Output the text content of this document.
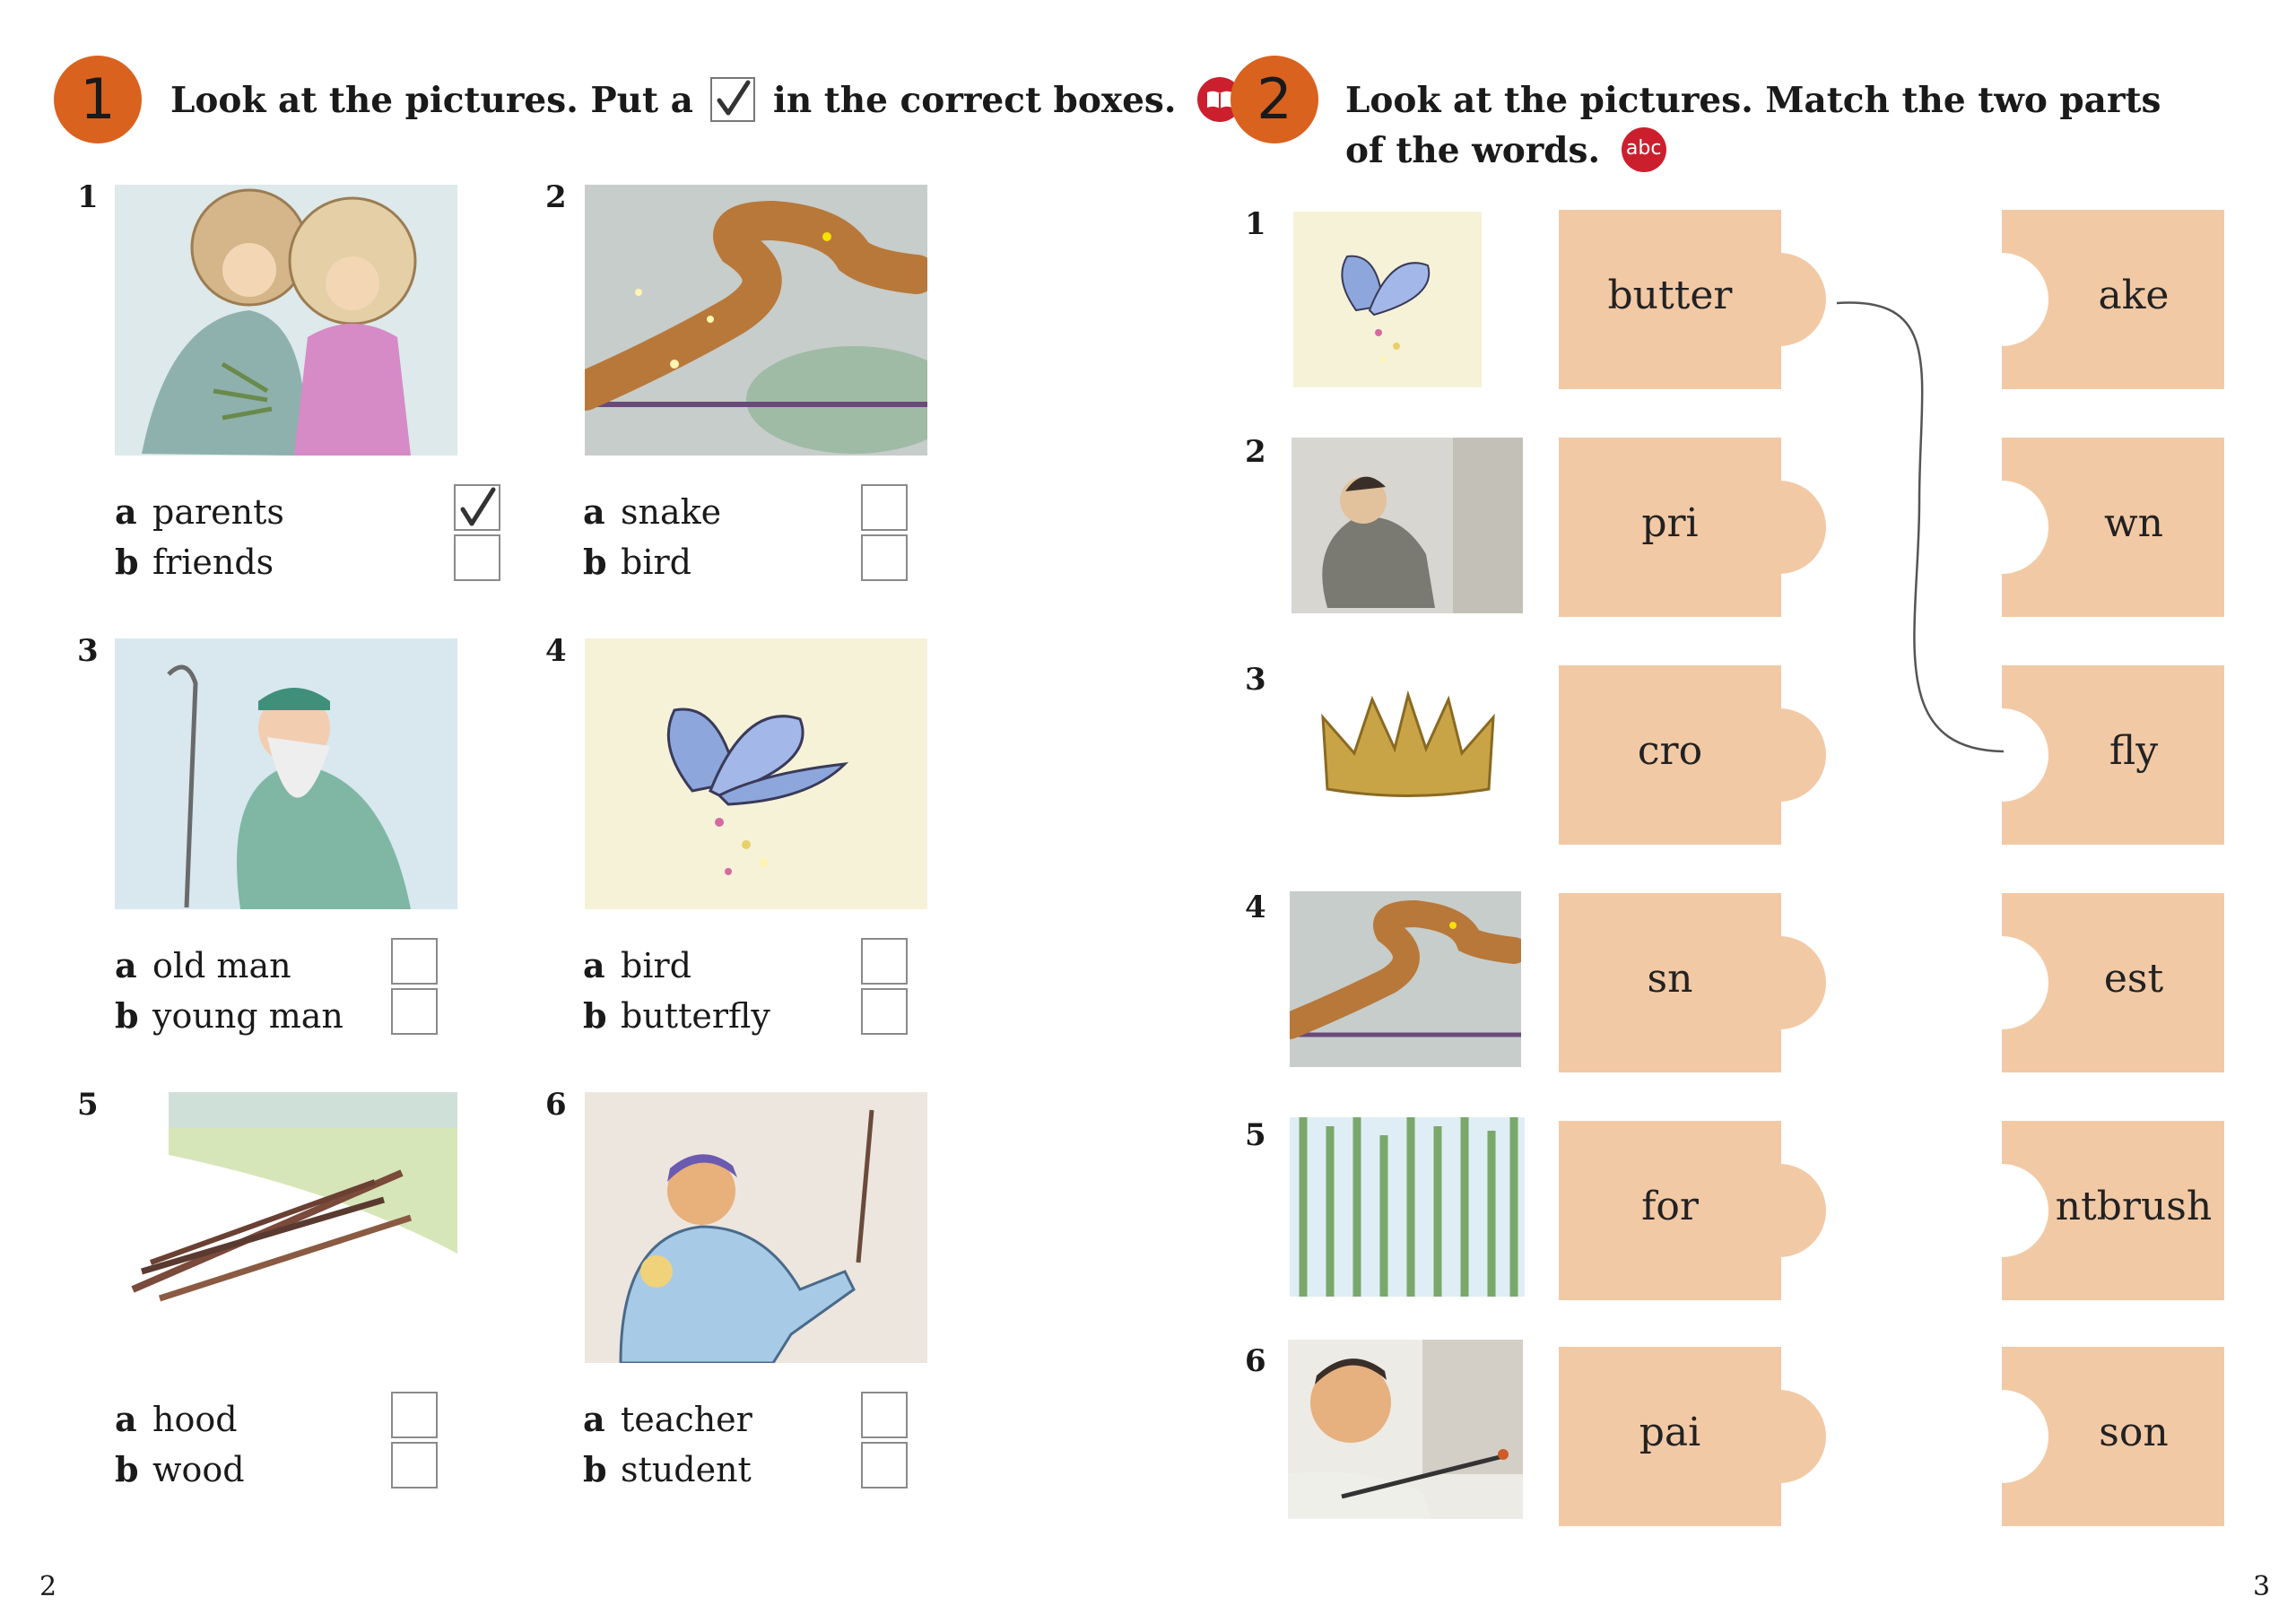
1	Look at the pictures. Put a in the correct boxes.
1
a parents
b friends
2
a snake
b bird
3
a old man
b young man
4
a bird
b butterfly
5
a hood
b wood
6
a teacher
b student
2
2	Look at the pictures. Match the two parts
of the words. abc
1
2
3
4
5
6
butter	ake
pri	wn
cro	fly
sn	est
for	ntbrush
pai	son
3
